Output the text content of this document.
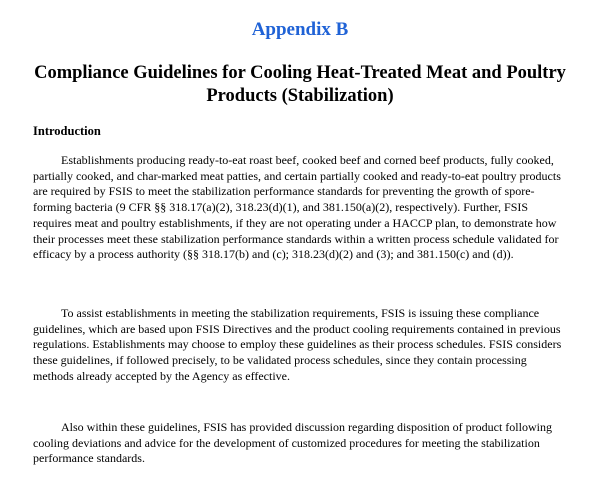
Appendix B
Compliance Guidelines for Cooling Heat-Treated Meat and Poultry Products (Stabilization)
Introduction

Establishments producing ready-to-eat roast beef, cooked beef and corned beef products, fully cooked, partially cooked, and char-marked meat patties, and certain partially cooked and ready-to-eat poultry products are required by FSIS to meet the stabilization performance standards for preventing the growth of spore-forming bacteria (9 CFR §§ 318.17(a)(2), 318.23(d)(1), and 381.150(a)(2), respectively). Further, FSIS requires meat and poultry establishments, if they are not operating under a HACCP plan, to demonstrate how their processes meet these stabilization performance standards within a written process schedule validated for efficacy by a process authority (§§ 318.17(b) and (c); 318.23(d)(2) and (3); and 381.150(c) and (d)).

To assist establishments in meeting the stabilization requirements, FSIS is issuing these compliance guidelines, which are based upon FSIS Directives and the product cooling requirements contained in previous regulations. Establishments may choose to employ these guidelines as their process schedules. FSIS considers these guidelines, if followed precisely, to be validated process schedules, since they contain processing methods already accepted by the Agency as effective.

Also within these guidelines, FSIS has provided discussion regarding disposition of product following cooling deviations and advice for the development of customized procedures for meeting the stabilization performance standards.
